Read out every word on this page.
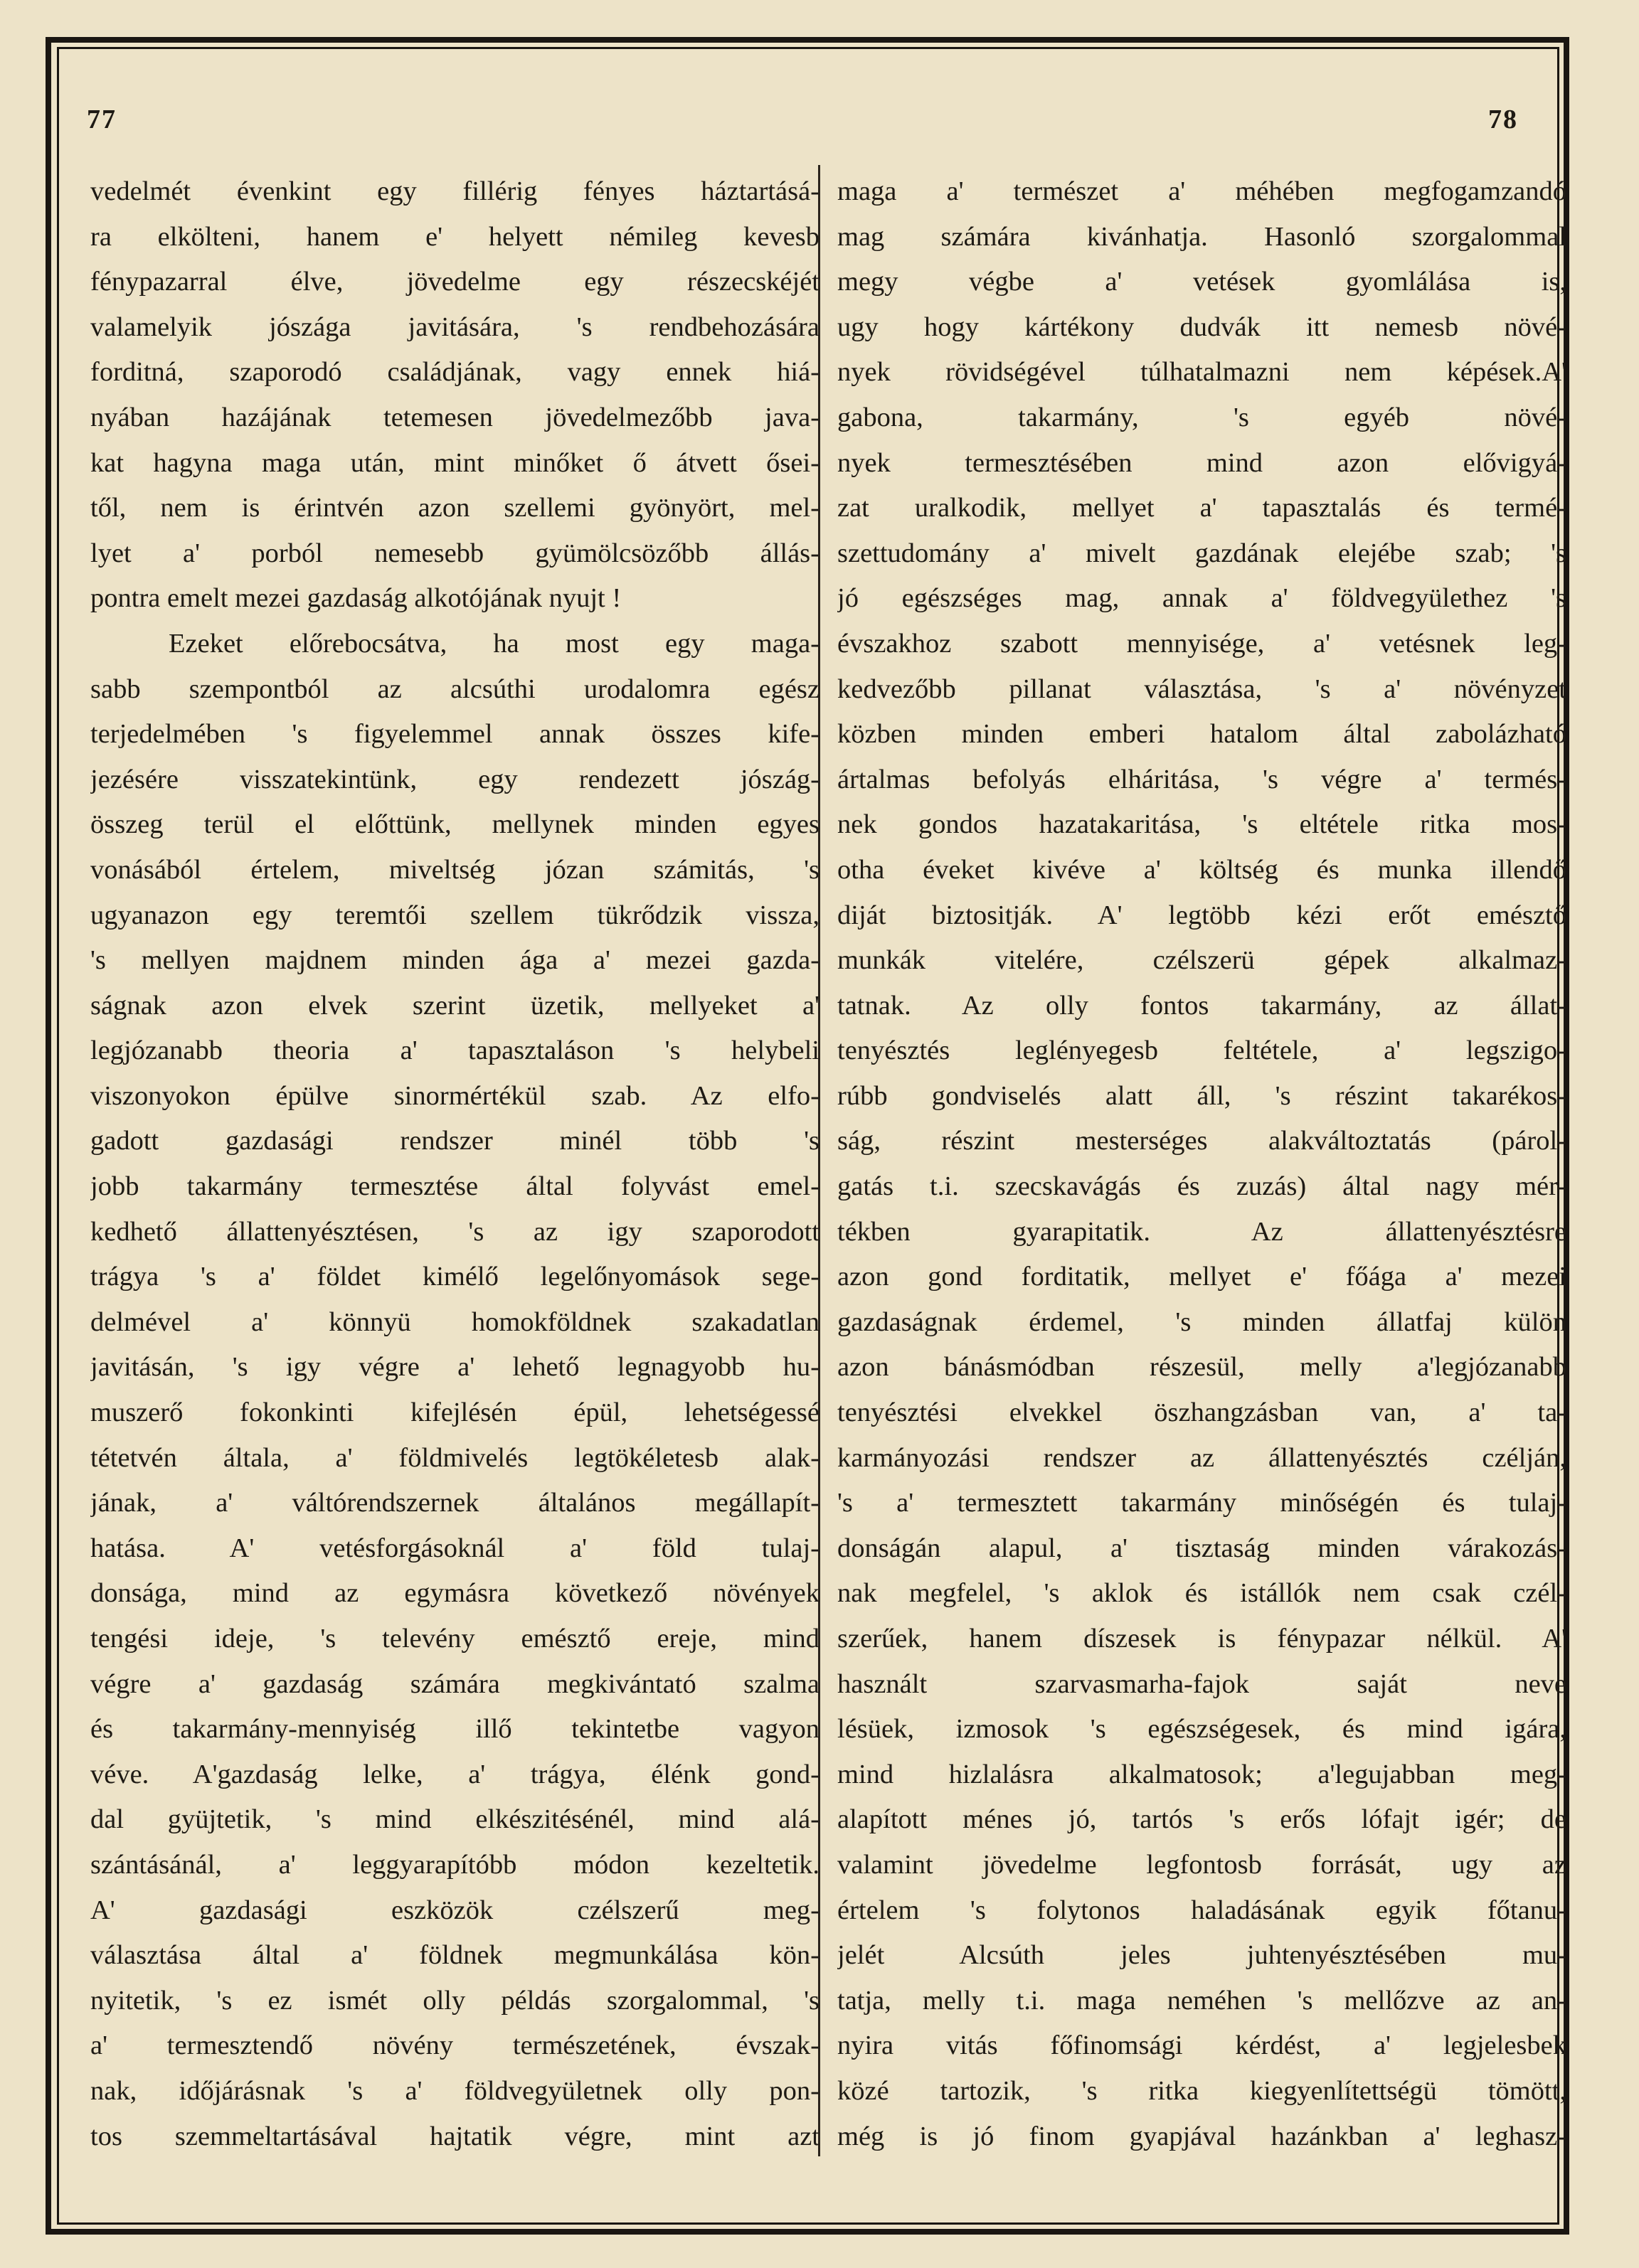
77	78
vedelmét évenkint egy fillérig fényes háztartásá-
ra elkölteni, hanem e' helyett némileg kevesb
fénypazarral élve, jövedelme egy részecskéjét
valamelyik jószága javitására, 's rendbehozására
forditná, szaporodó családjának, vagy ennek hiá-
nyában hazájának tetemesen jövedelmezőbb java-
kat hagyna maga után, mint minőket ő átvett ősei-
től, nem is érintvén azon szellemi gyönyört, mel-
lyet a' porból nemesebb gyümölcsözőbb állás-
pontra emelt mezei gazdaság alkotójának nyujt !
Ezeket előrebocsátva, ha most egy maga-
sabb szempontból az alcsúthi urodalomra egész
terjedelmében 's figyelemmel annak összes kife-
jezésére visszatekintünk, egy rendezett jószág-
összeg terül el előttünk, mellynek minden egyes
vonásából értelem, miveltség józan számitás, 's
ugyanazon egy teremtői szellem tükrődzik vissza,
's mellyen majdnem minden ága a' mezei gazda-
ságnak azon elvek szerint üzetik, mellyeket a'
legjózanabb theoria a' tapasztaláson 's helybeli
viszonyokon épülve sinormértékül szab. Az elfo-
gadott gazdasági rendszer minél több 's
jobb takarmány termesztése által folyvást emel-
kedhető állattenyésztésen, 's az igy szaporodott
trágya 's a' földet kimélő legelőnyomások sege-
delmével a' könnyü homokföldnek szakadatlan
javitásán, 's igy végre a' lehető legnagyobb hu-
muszerő fokonkinti kifejlésén épül, lehetségessé
tétetvén általa, a' földmivelés legtökéletesb alak-
jának, a' váltórendszernek általános megállapít-
hatása. A' vetésforgásoknál a' föld tulaj-
donsága, mind az egymásra következő növények
tengési ideje, 's televény emésztő ereje, mind
végre a' gazdaság számára megkivántató szalma
és takarmány-mennyiség illő tekintetbe vagyon
véve. A'gazdaság lelke, a' trágya, élénk gond-
dal gyüjtetik, 's mind elkészitésénél, mind alá-
szántásánál, a' leggyarapítóbb módon kezeltetik.
A' gazdasági eszközök czélszerű meg-
választása által a' földnek megmunkálása kön-
nyitetik, 's ez ismét olly példás szorgalommal, 's
a' termesztendő növény természetének, évszak-
nak, időjárásnak 's a' földvegyületnek olly pon-
tos szemmeltartásával hajtatik végre, mint azt
maga a' természet a' méhében megfogamzandó
mag számára kivánhatja. Hasonló szorgalommal
megy végbe a' vetések gyomlálása is,
ugy hogy kártékony dudvák itt nemesb növé-
nyek rövidségével túlhatalmazni nem képések.A'
gabona, takarmány, 's egyéb növé-
nyek termesztésében mind azon elővigyá-
zat uralkodik, mellyet a' tapasztalás és termé-
szettudomány a' mivelt gazdának elejébe szab; 's
jó egészséges mag, annak a' földvegyülethez 's
évszakhoz szabott mennyisége, a' vetésnek leg-
kedvezőbb pillanat választása, 's a' növényzet
közben minden emberi hatalom által zabolázható
ártalmas befolyás elháritása, 's végre a' termés-
nek gondos hazatakaritása, 's eltétele ritka mos-
otha éveket kivéve a' költség és munka illendő
diját biztositják. A' legtöbb kézi erőt emésztő
munkák vitelére, czélszerü gépek alkalmaz-
tatnak. Az olly fontos takarmány, az állat-
tenyésztés leglényegesb feltétele, a' legszigo-
rúbb gondviselés alatt áll, 's részint takarékos-
ság, részint mesterséges alakváltoztatás (párol-
gatás t.i. szecskavágás és zuzás) által nagy mér-
tékben gyarapitatik. Az állattenyésztésre
azon gond forditatik, mellyet e' főága a' mezei
gazdaságnak érdemel, 's minden állatfaj külön
azon bánásmódban részesül, melly a'legjózanabb
tenyésztési elvekkel öszhangzásban van, a' ta-
karmányozási rendszer az állattenyésztés czélján,
's a' termesztett takarmány minőségén és tulaj-
donságán alapul, a' tisztaság minden várakozás-
nak megfelel, 's aklok és istállók nem csak czél-
szerűek, hanem díszesek is fénypazar nélkül. A'
használt szarvasmarha-fajok saját neve
lésüek, izmosok 's egészségesek, és mind igára,
mind hizlalásra alkalmatosok; a'legujabban meg-
alapított ménes jó, tartós 's erős lófajt igér; de
valamint jövedelme legfontosb forrását, ugy az
értelem 's folytonos haladásának egyik főtanu-
jelét Alcsúth jeles juhtenyésztésében mu-
tatja, melly t.i. maga neméhen 's mellőzve az an-
nyira vitás főfinomsági kérdést, a' legjelesbek
közé tartozik, 's ritka kiegyenlítettségü tömött,
még is jó finom gyapjával hazánkban a' leghasz-
